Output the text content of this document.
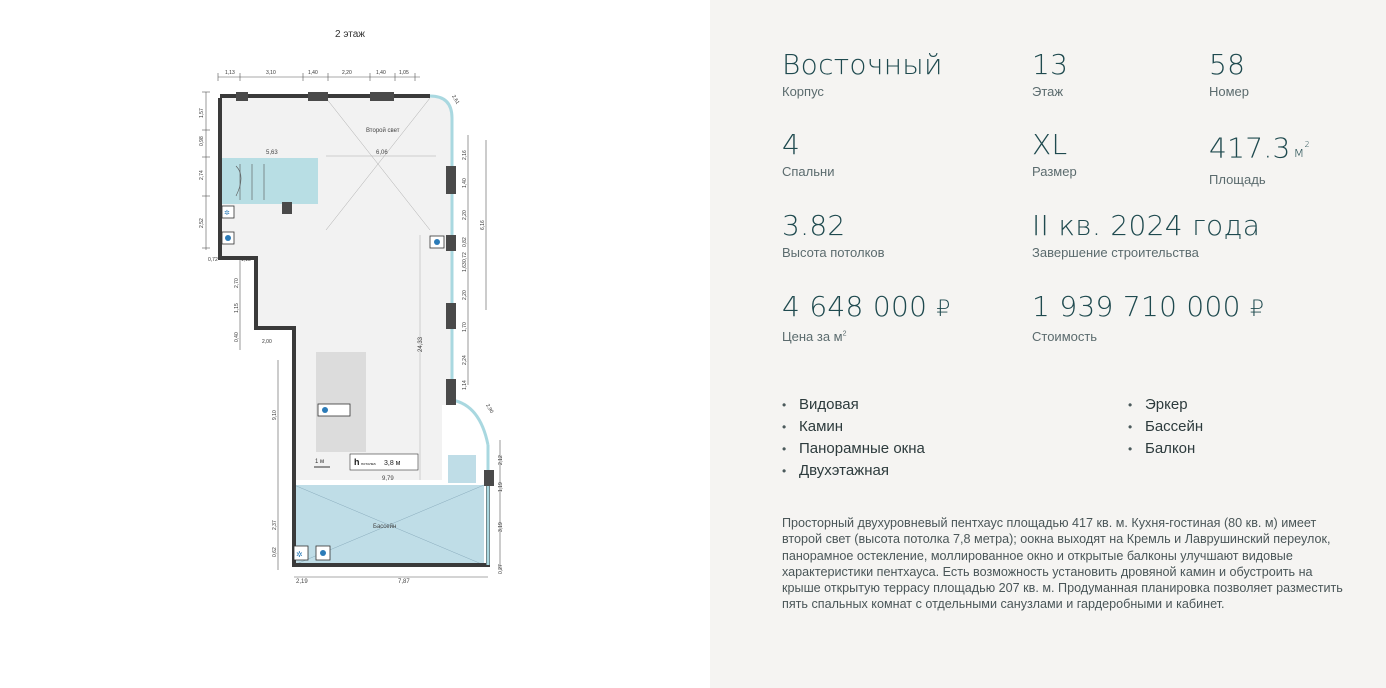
2 этаж
1,13	3,10	1,40	2,20	1,40	1,05
2,61
1,57
0,98
2,74
2,52
0,72	1,18
2,70
1,15
0,40	2,00
9,10
2,37
0,62
2,16
1,40
2,20
0,82
0,72
1,63
2,20
1,70
2,24
1,14
2,90
2,12
1,19
3,19
0,27
6,16
✲
✲
Второй свет
Бассейн
5,63	6,06
24,33
9,79
2,19	7,87
1 м	h потолка 3,8 м
Восточный
Корпус
13
Этаж
58
Номер
4
Спальни
XL
Размер
417.3 $м^2$
Площадь
3.82
Высота потолков
II кв. 2024 года
Завершение строительства
4 648 000 ₽
Цена за $м^2$
1 939 710 000 ₽
Стоимость
• Видовая
• Камин
• Панорамные окна
• Двухэтажная
• Эркер
• Бассейн
• Балкон

Просторный двухуровневый пентхаус площадью 417 кв. м. Кухня-гостиная (80 кв. м) имеет второй свет (высота потолка 7,8 метра); оокна выходят на Кремль и Лаврушинский переулок, панорамное остекление, моллированное окно и открытые балконы улучшают видовые характеристики пентхауса. Есть возможность установить дровяной камин и обустроить на крыше открытую террасу площадью 207 кв. м. Продуманная планировка позволяет разместить пять спальных комнат с отдельными санузлами и гардеробными и кабинет.
